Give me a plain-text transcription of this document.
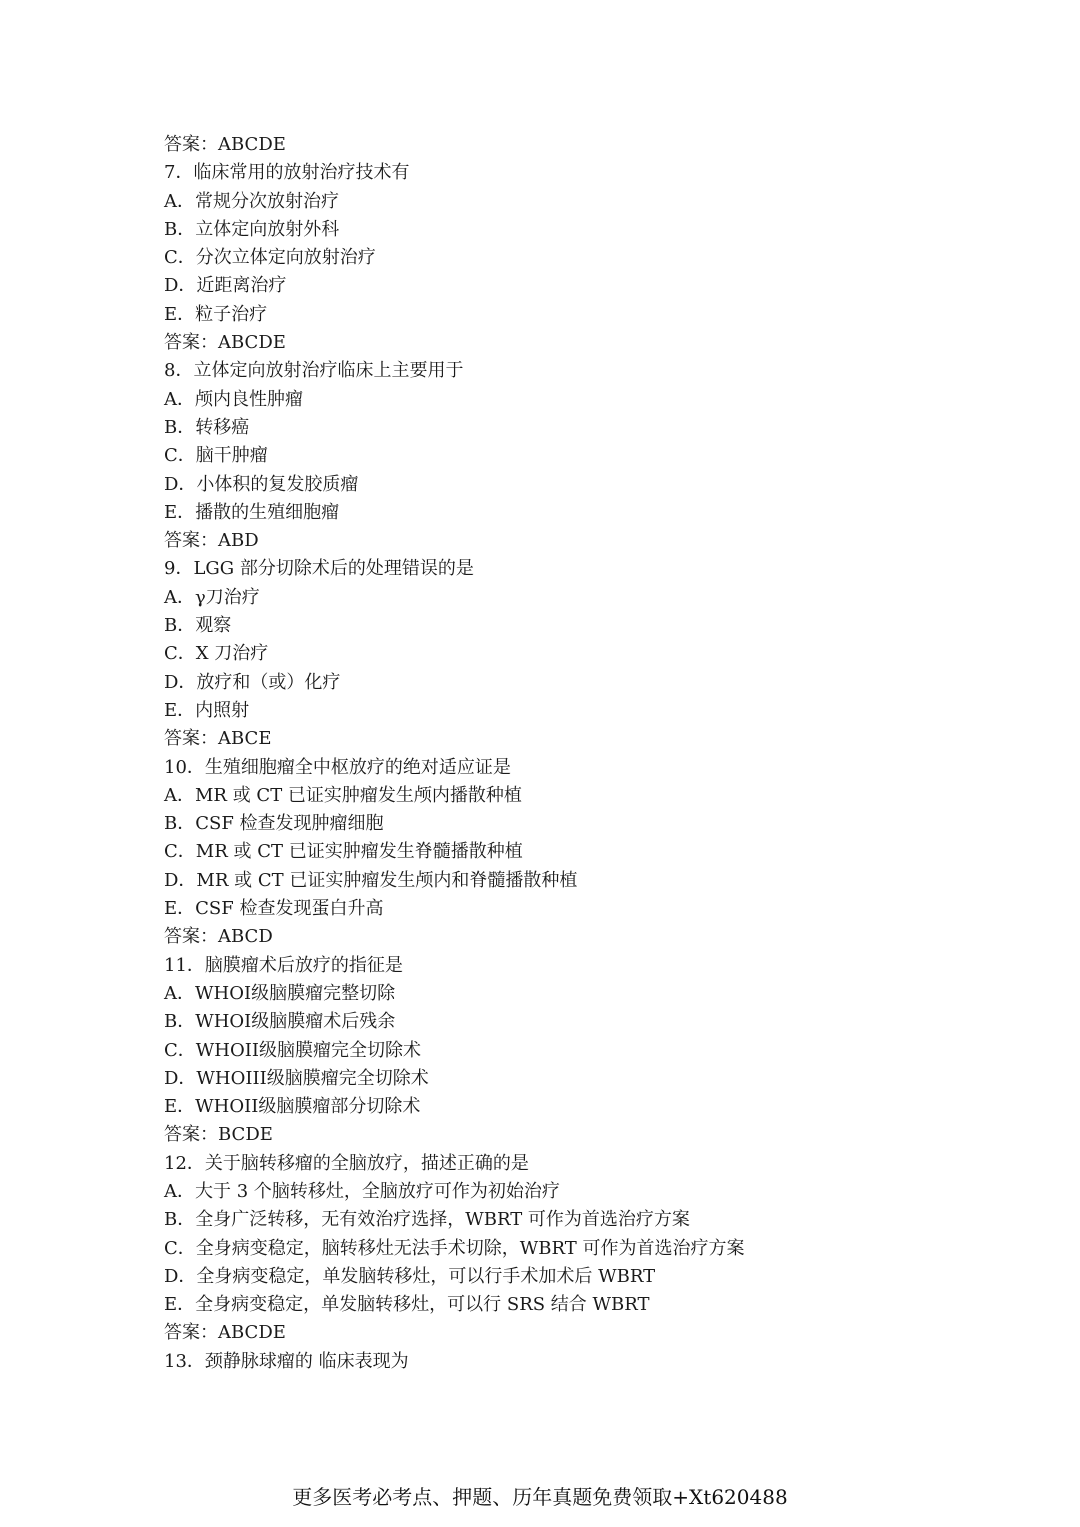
答案：ABCDE
7．临床常用的放射治疗技术有
A．常规分次放射治疗
B．立体定向放射外科
C．分次立体定向放射治疗
D．近距离治疗
E．粒子治疗
答案：ABCDE
8．立体定向放射治疗临床上主要用于
A．颅内良性肿瘤
B．转移癌
C．脑干肿瘤
D．小体积的复发胶质瘤
E．播散的生殖细胞瘤
答案：ABD
9．LGG 部分切除术后的处理错误的是
A．γ刀治疗
B．观察
C．X 刀治疗
D．放疗和（或）化疗
E．内照射
答案：ABCE
10．生殖细胞瘤全中枢放疗的绝对适应证是
A．MR 或 CT 已证实肿瘤发生颅内播散种植
B．CSF 检查发现肿瘤细胞
C．MR 或 CT 已证实肿瘤发生脊髓播散种植
D．MR 或 CT 已证实肿瘤发生颅内和脊髓播散种植
E．CSF 检查发现蛋白升高
答案：ABCD
11．脑膜瘤术后放疗的指征是
A．WHOI级脑膜瘤完整切除
B．WHOI级脑膜瘤术后残余
C．WHOII级脑膜瘤完全切除术
D．WHOIII级脑膜瘤完全切除术
E．WHOII级脑膜瘤部分切除术
答案：BCDE
12．关于脑转移瘤的全脑放疗，描述正确的是
A．大于 3 个脑转移灶，全脑放疗可作为初始治疗
B．全身广泛转移，无有效治疗选择，WBRT 可作为首选治疗方案
C．全身病变稳定，脑转移灶无法手术切除，WBRT 可作为首选治疗方案
D．全身病变稳定，单发脑转移灶，可以行手术加术后 WBRT
E．全身病变稳定，单发脑转移灶，可以行 SRS 结合 WBRT
答案：ABCDE
13．颈静脉球瘤的 临床表现为
更多医考必考点、押题、历年真题免费领取+Xt620488
